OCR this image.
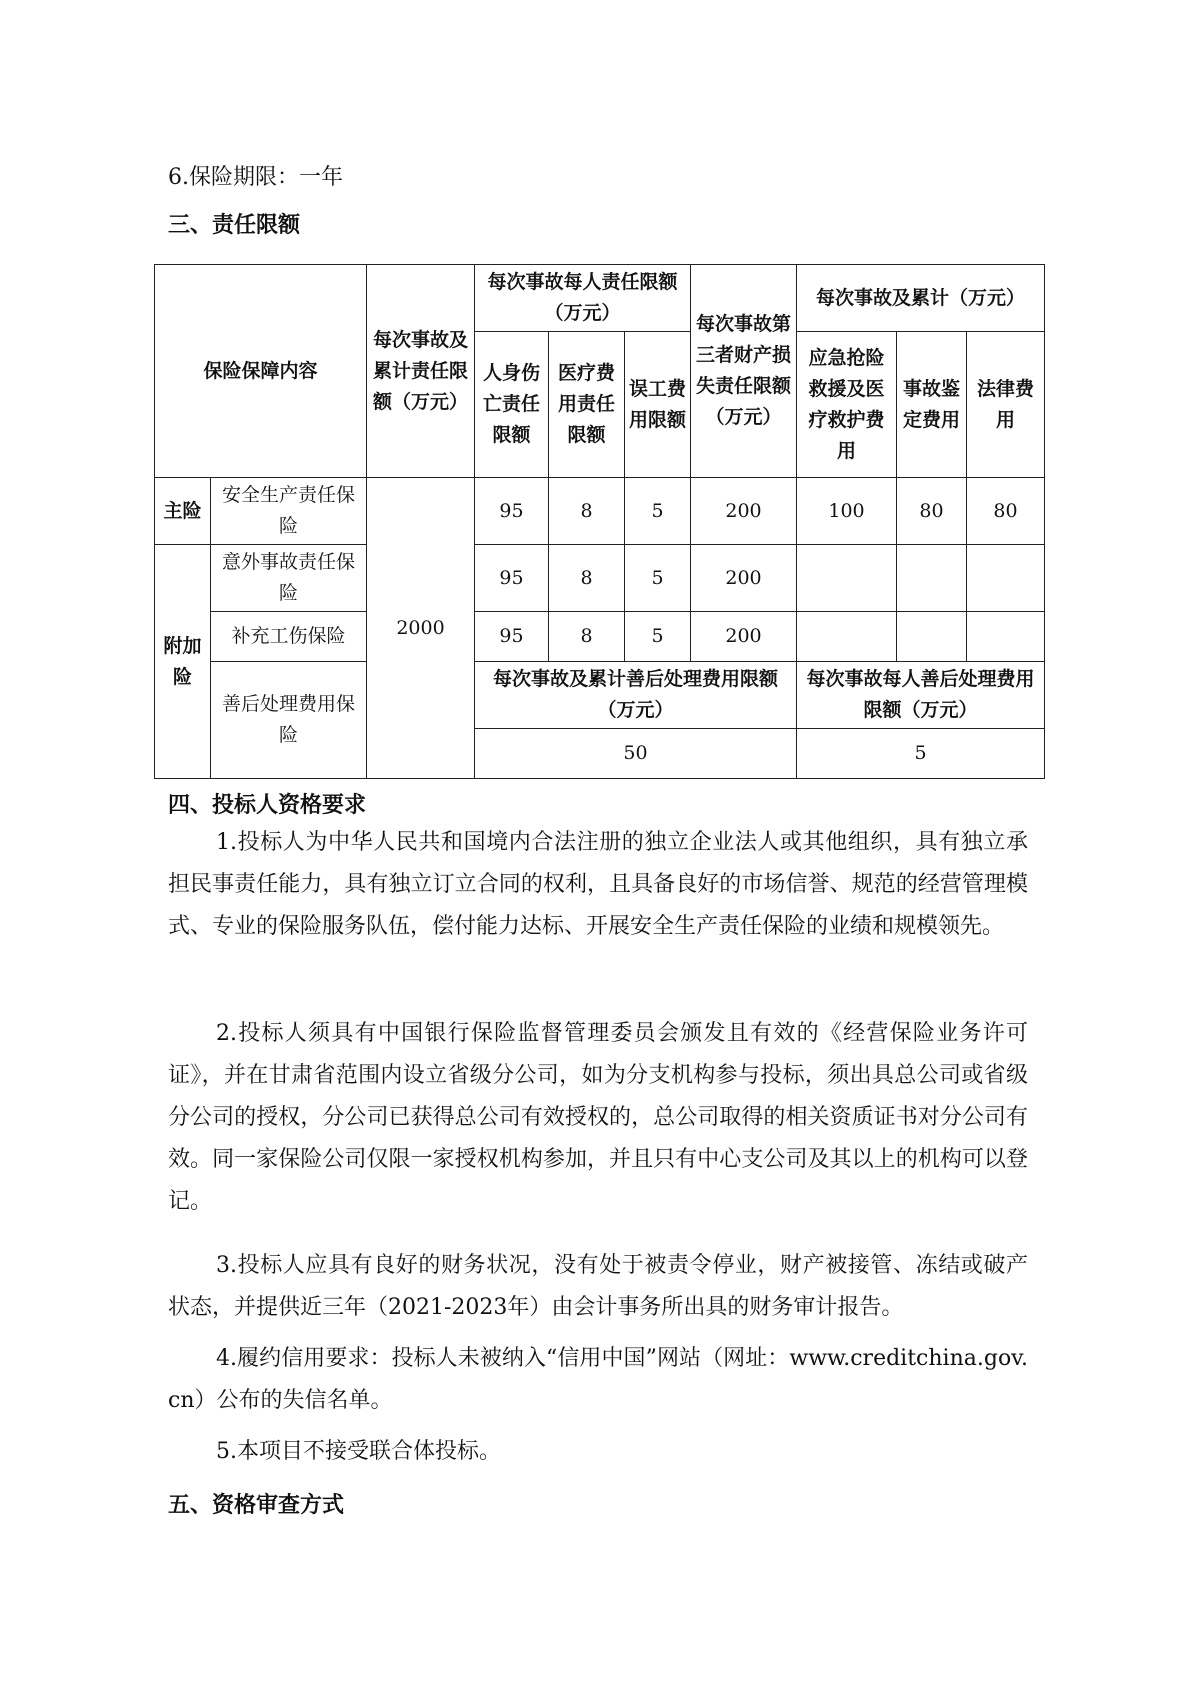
6.保险期限：一年
三、责任限额
保险保障内容		每次事故及累计责任限额（万元）	每次事故每人责任限额（万元）			每次事故第三者财产损失责任限额（万元）	每次事故及累计（万元）		
			人身伤亡责任限额	医疗费用责任限额	误工费用限额		应急抢险救援及医疗救护费用	事故鉴定费用	法律费用
主险	安全生产责任保险	2000	95	8	5	200	100	80	80

附加险	意外事故责任保险		95	8	5	200			
	补充工伤保险		95	8	5	200			
	善后处理费用保险		每次事故及累计善后处理费用限额（万元）				每次事故每人善后处理费用限额（万元）		
			50				5		
四、投标人资格要求
1.投标人为中华人民共和国境内合法注册的独立企业法人或其他组织，具有独立承担民事责任能力，具有独立订立合同的权利，且具备良好的市场信誉、规范的经营管理模式、专业的保险服务队伍，偿付能力达标、开展安全生产责任保险的业绩和规模领先。
2.投标人须具有中国银行保险监督管理委员会颁发且有效的《经营保险业务许可证》，并在甘肃省范围内设立省级分公司，如为分支机构参与投标，须出具总公司或省级分公司的授权，分公司已获得总公司有效授权的，总公司取得的相关资质证书对分公司有效。同一家保险公司仅限一家授权机构参加，并且只有中心支公司及其以上的机构可以登记。
3.投标人应具有良好的财务状况，没有处于被责令停业，财产被接管、冻结或破产状态，并提供近三年（2021-2023年）由会计事务所出具的财务审计报告。
4.履约信用要求：投标人未被纳入“信用中国”网站（网址：www.creditchina.gov.cn）公布的失信名单。
5.本项目不接受联合体投标。
五、资格审查方式
